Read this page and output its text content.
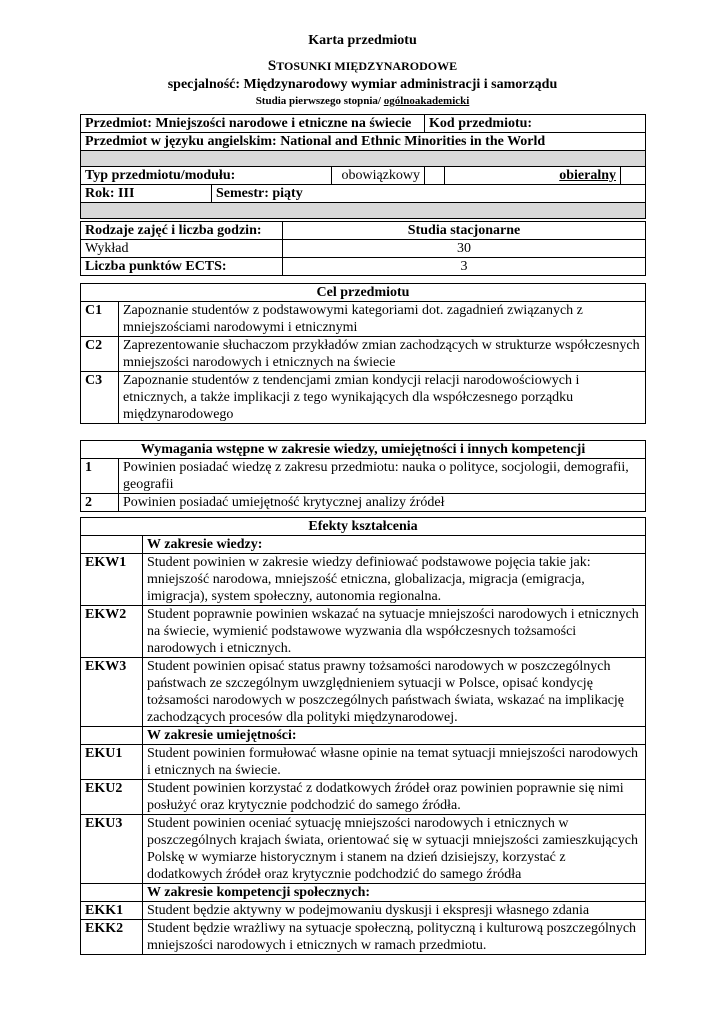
Karta przedmiotu
STOSUNKI MIĘDZYNARODOWE
specjalność: Międzynarodowy wymiar administracji i samorządu
Studia pierwszego stopnia/ ogólnoakademicki
Przedmiot: Mniejszości narodowe i etniczne na świecie			Kod przedmiotu:		
Przedmiot w języku angielskim: National and Ethnic Minorities in the World					

Typ przedmiotu/modułu:		obowiązkowy		obieralny	
Rok: III	Semestr: piąty				

Rodzaje zajęć i liczba godzin:	Studia stacjonarne
Wykład	30
Liczba punktów ECTS:	3
Cel przedmiotu	
C1	Zapoznanie studentów z podstawowymi kategoriami dot. zagadnień związanych z mniejszościami narodowymi i etnicznymi
C2	Zaprezentowanie słuchaczom przykładów zmian zachodzących w strukturze współczesnych mniejszości narodowych i etnicznych na świecie
C3	Zapoznanie studentów z tendencjami zmian kondycji relacji narodowościowych i etnicznych, a także implikacji z tego wynikających dla współczesnego porządku międzynarodowego
Wymagania wstępne w zakresie wiedzy, umiejętności i innych kompetencji	
1	Powinien posiadać wiedzę z zakresu przedmiotu: nauka o polityce, socjologii, demografii, geografii
2	Powinien posiadać umiejętność krytycznej analizy źródeł
Efekty kształcenia	
	W zakresie wiedzy:
EKW1	Student powinien w zakresie wiedzy definiować podstawowe pojęcia takie jak: mniejszość narodowa, mniejszość etniczna, globalizacja, migracja (emigracja, imigracja), system społeczny, autonomia regionalna.
EKW2	Student poprawnie powinien wskazać na sytuacje mniejszości narodowych i etnicznych na świecie, wymienić podstawowe wyzwania dla współczesnych tożsamości narodowych i etnicznych.
EKW3	Student powinien opisać status prawny tożsamości narodowych w poszczególnych państwach ze szczególnym uwzględnieniem sytuacji w Polsce, opisać kondycję tożsamości narodowych w poszczególnych państwach świata, wskazać na implikację zachodzących procesów dla polityki międzynarodowej.
	W zakresie umiejętności:
EKU1	Student powinien formułować własne opinie na temat sytuacji mniejszości narodowych i etnicznych na świecie.
EKU2	Student powinien korzystać z dodatkowych źródeł oraz powinien poprawnie się nimi posłużyć oraz krytycznie podchodzić do samego źródła.
EKU3	Student powinien oceniać sytuację mniejszości narodowych i etnicznych w poszczególnych krajach świata, orientować się w sytuacji mniejszości zamieszkujących Polskę w wymiarze historycznym i stanem na dzień dzisiejszy, korzystać z dodatkowych źródeł oraz krytycznie podchodzić do samego źródła
	W zakresie kompetencji społecznych:
EKK1	Student będzie aktywny w podejmowaniu dyskusji i ekspresji własnego zdania
EKK2	Student będzie wrażliwy na sytuacje społeczną, polityczną i kulturową poszczególnych mniejszości narodowych i etnicznych w ramach przedmiotu.
